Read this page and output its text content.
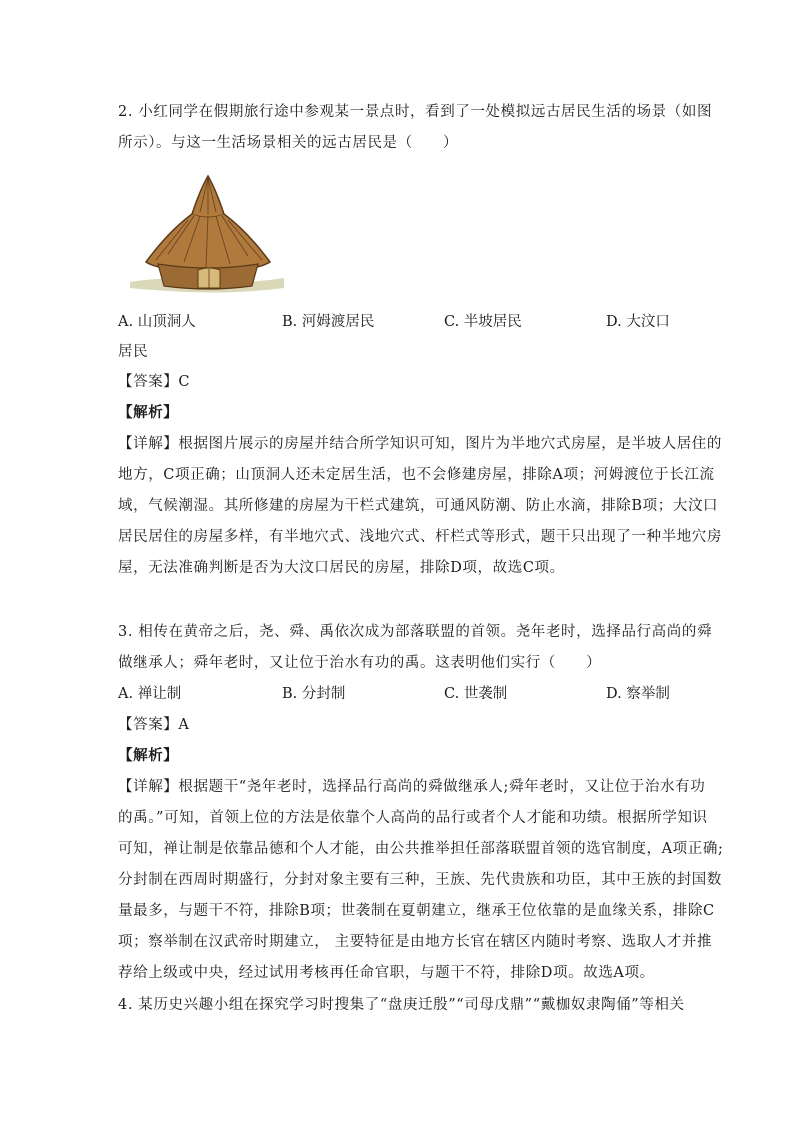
2. 小红同学在假期旅行途中参观某一景点时，看到了一处模拟远古居民生活的场景（如图
所示）。与这一生活场景相关的远古居民是（　　）
A. 山顶洞人	B. 河姆渡居民	C. 半坡居民	D. 大汶口
居民
【答案】C
【解析】
【详解】根据图片展示的房屋并结合所学知识可知，图片为半地穴式房屋，是半坡人居住的
地方，C项正确；山顶洞人还未定居生活，也不会修建房屋，排除A项；河姆渡位于长江流
域，气候潮湿。其所修建的房屋为干栏式建筑，可通风防潮、防止水滴，排除B项；大汶口
居民居住的房屋多样，有半地穴式、浅地穴式、杆栏式等形式，题干只出现了一种半地穴房
屋，无法准确判断是否为大汶口居民的房屋，排除D项，故选C项。
3. 相传在黄帝之后，尧、舜、禹依次成为部落联盟的首领。尧年老时，选择品行高尚的舜
做继承人；舜年老时，又让位于治水有功的禹。这表明他们实行（　　）
A. 禅让制	B. 分封制	C. 世袭制	D. 察举制
【答案】A
【解析】
【详解】根据题干“尧年老时，选择品行高尚的舜做继承人;舜年老时，又让位于治水有功
的禹。”可知，首领上位的方法是依靠个人高尚的品行或者个人才能和功绩。根据所学知识
可知，禅让制是依靠品德和个人才能，由公共推举担任部落联盟首领的选官制度，A项正确;
分封制在西周时期盛行，分封对象主要有三种，王族、先代贵族和功臣，其中王族的封国数
量最多，与题干不符，排除B项；世袭制在夏朝建立，继承王位依靠的是血缘关系，排除C
项；察举制在汉武帝时期建立， 主要特征是由地方长官在辖区内随时考察、选取人才并推
荐给上级或中央，经过试用考核再任命官职，与题干不符，排除D项。故选A项。
4. 某历史兴趣小组在探究学习时搜集了“盘庚迁殷”“司母戊鼎”“戴枷奴隶陶俑”等相关
